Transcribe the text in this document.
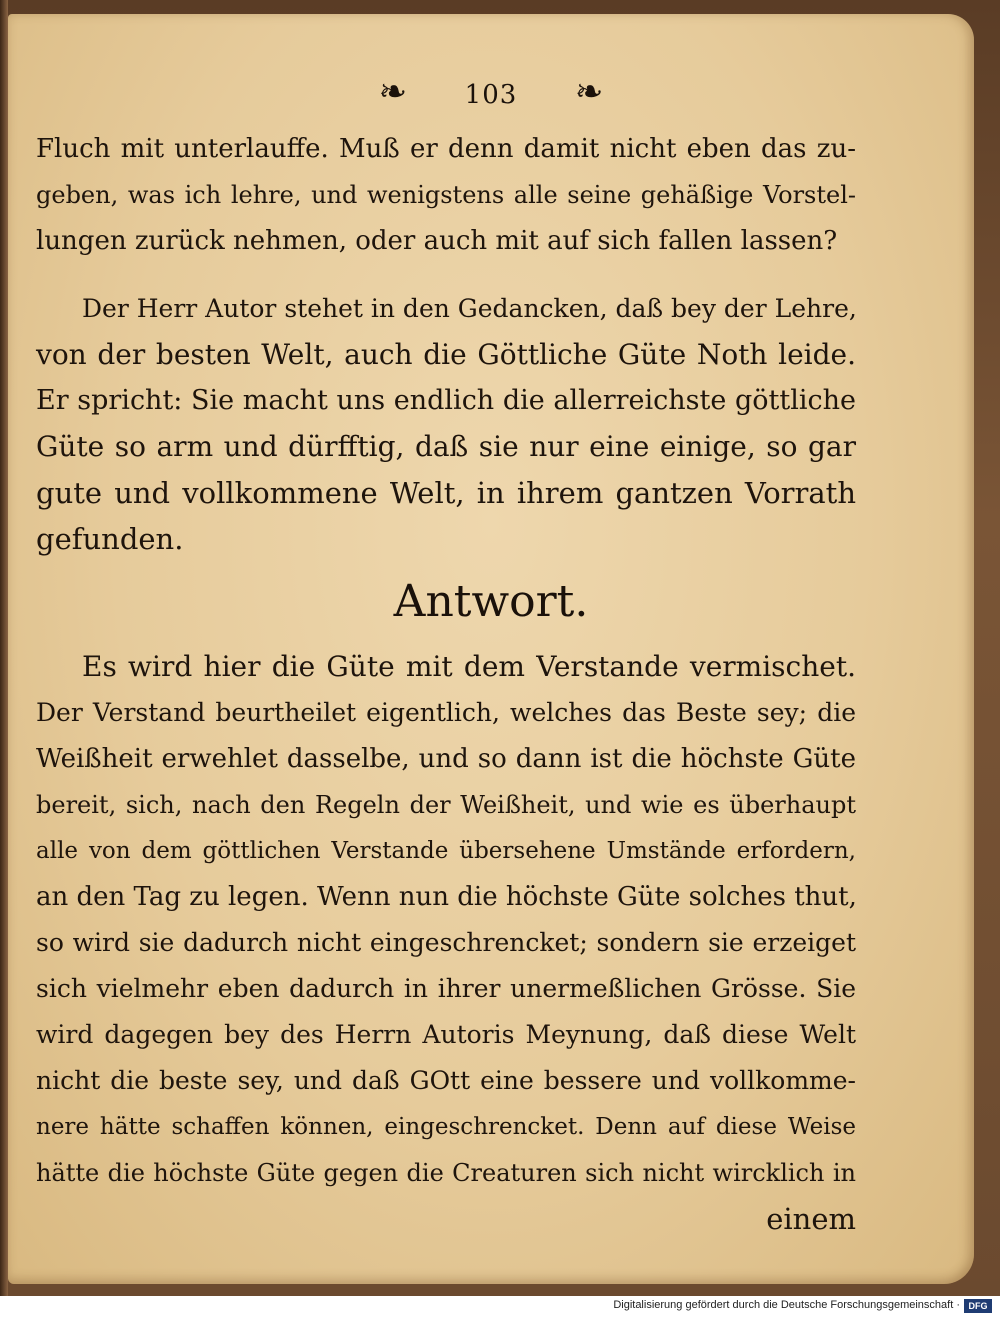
❧ 103 ❧
Fluch mit unterlauffe. Muß er denn damit nicht eben das zu-
geben, was ich lehre, und wenigstens alle seine gehäßige Vorstel-
lungen zurück nehmen, oder auch mit auf sich fallen lassen?
Der Herr Autor stehet in den Gedancken, daß bey der Lehre,
von der besten Welt, auch die Göttliche Güte Noth leide.
Er spricht: Sie macht uns endlich die allerreichste göttliche
Güte so arm und dürfftig, daß sie nur eine einige, so gar
gute und vollkommene Welt, in ihrem gantzen Vorrath
gefunden.
Antwort.
Es wird hier die Güte mit dem Verstande vermischet.
Der Verstand beurtheilet eigentlich, welches das Beste sey; die
Weißheit erwehlet dasselbe, und so dann ist die höchste Güte
bereit, sich, nach den Regeln der Weißheit, und wie es überhaupt
alle von dem göttlichen Verstande übersehene Umstände erfordern,
an den Tag zu legen. Wenn nun die höchste Güte solches thut,
so wird sie dadurch nicht eingeschrencket; sondern sie erzeiget
sich vielmehr eben dadurch in ihrer unermeßlichen Grösse. Sie
wird dagegen bey des Herrn Autoris Meynung, daß diese Welt
nicht die beste sey, und daß GOtt eine bessere und vollkomme-
nere hätte schaffen können, eingeschrencket. Denn auf diese Weise
hätte die höchste Güte gegen die Creaturen sich nicht wircklich in
einem
Digitalisierung gefördert durch die Deutsche Forschungsgemeinschaft · DFG
